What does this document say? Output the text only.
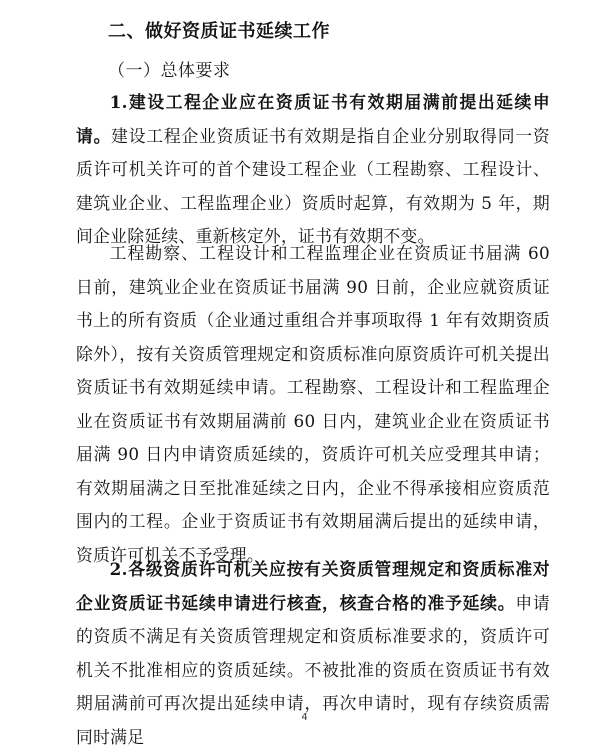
二、做好资质证书延续工作
（一）总体要求

1.建设工程企业应在资质证书有效期届满前提出延续申请。建设工程企业资质证书有效期是指自企业分别取得同一资质许可机关许可的首个建设工程企业（工程勘察、工程设计、建筑业企业、工程监理企业）资质时起算，有效期为 5 年，期间企业除延续、重新核定外，证书有效期不变。

工程勘察、工程设计和工程监理企业在资质证书届满 60 日前，建筑业企业在资质证书届满 90 日前，企业应就资质证书上的所有资质（企业通过重组合并事项取得 1 年有效期资质除外），按有关资质管理规定和资质标准向原资质许可机关提出资质证书有效期延续申请。工程勘察、工程设计和工程监理企业在资质证书有效期届满前 60 日内，建筑业企业在资质证书届满 90 日内申请资质延续的，资质许可机关应受理其申请；有效期届满之日至批准延续之日内，企业不得承接相应资质范围内的工程。企业于资质证书有效期届满后提出的延续申请，资质许可机关不予受理。

2.各级资质许可机关应按有关资质管理规定和资质标准对企业资质证书延续申请进行核查，核查合格的准予延续。申请的资质不满足有关资质管理规定和资质标准要求的，资质许可机关不批准相应的资质延续。不被批准的资质在资质证书有效期届满前可再次提出延续申请，再次申请时，现有存续资质需同时满足

4
